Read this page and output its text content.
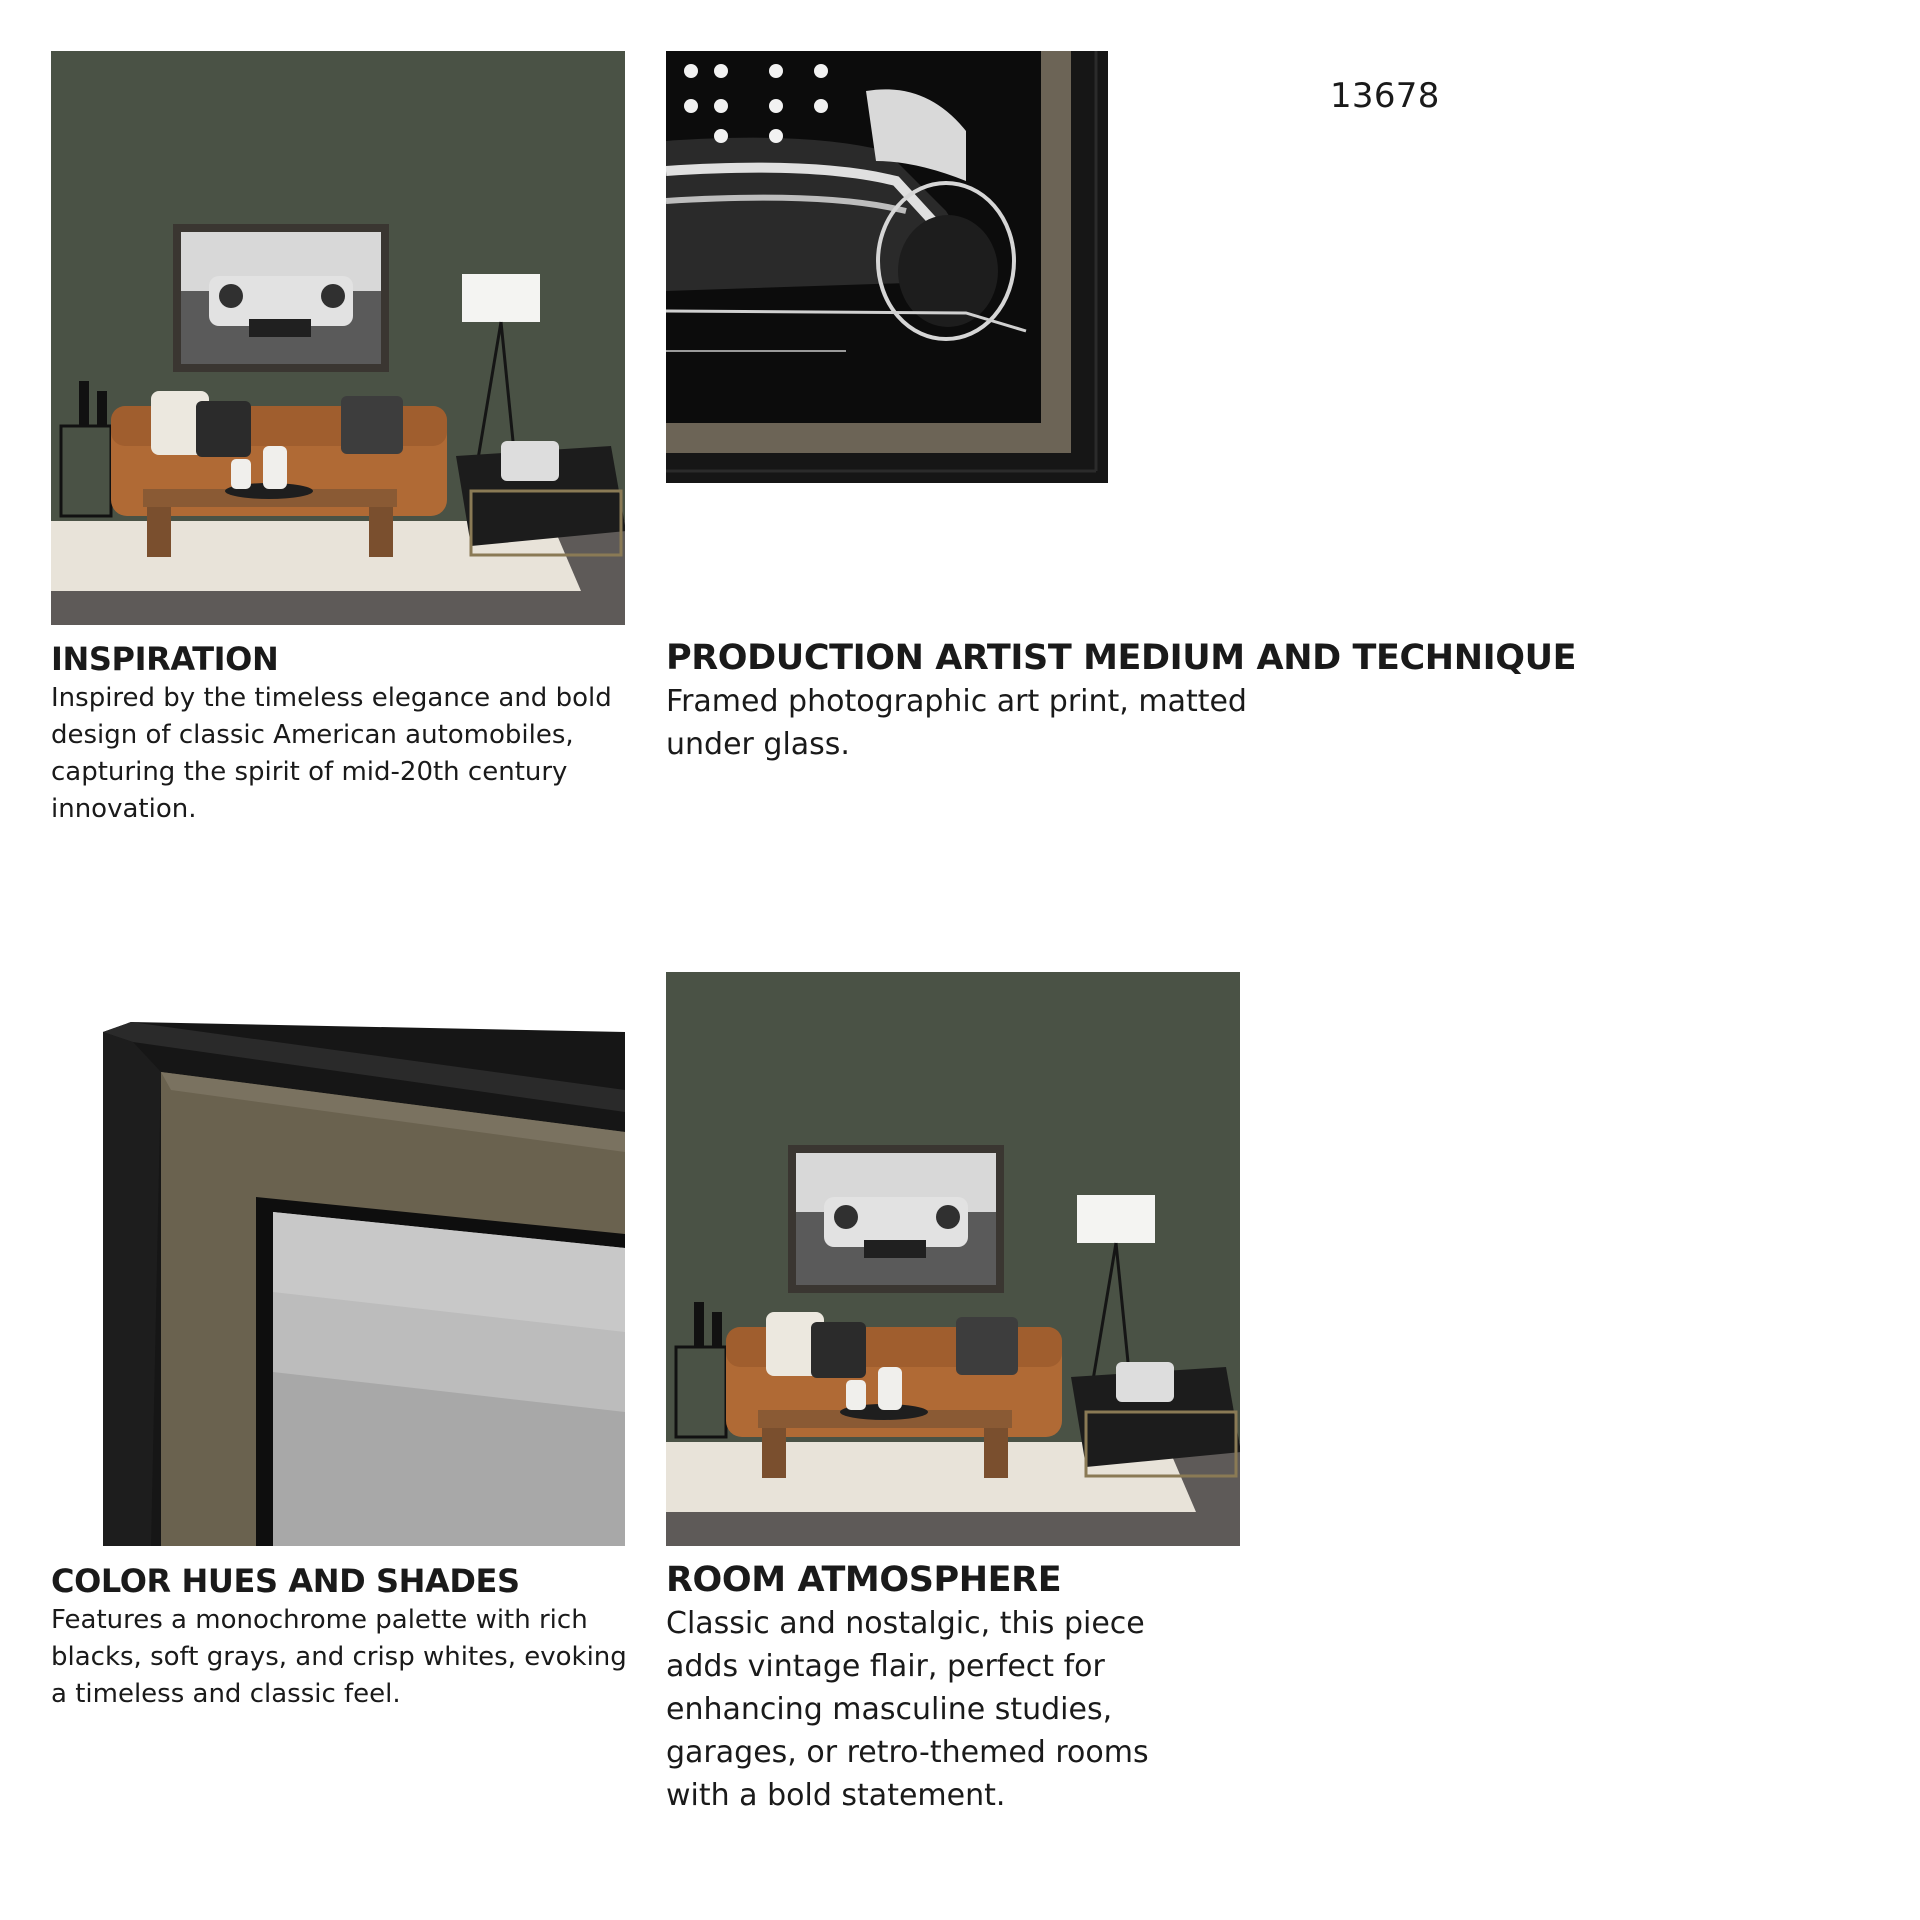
13678
INSPIRATION

Inspired by the timeless elegance and bold design of classic American automobiles, capturing the spirit of mid-20th century innovation.

PRODUCTION ARTIST MEDIUM AND TECHNIQUE

Framed photographic art print, matted under glass.

COLOR HUES AND SHADES

Features a monochrome palette with rich blacks, soft grays, and crisp whites, evoking a timeless and classic feel.

ROOM ATMOSPHERE

Classic and nostalgic, this piece adds vintage flair, perfect for enhancing masculine studies, garages, or retro-themed rooms with a bold statement.
